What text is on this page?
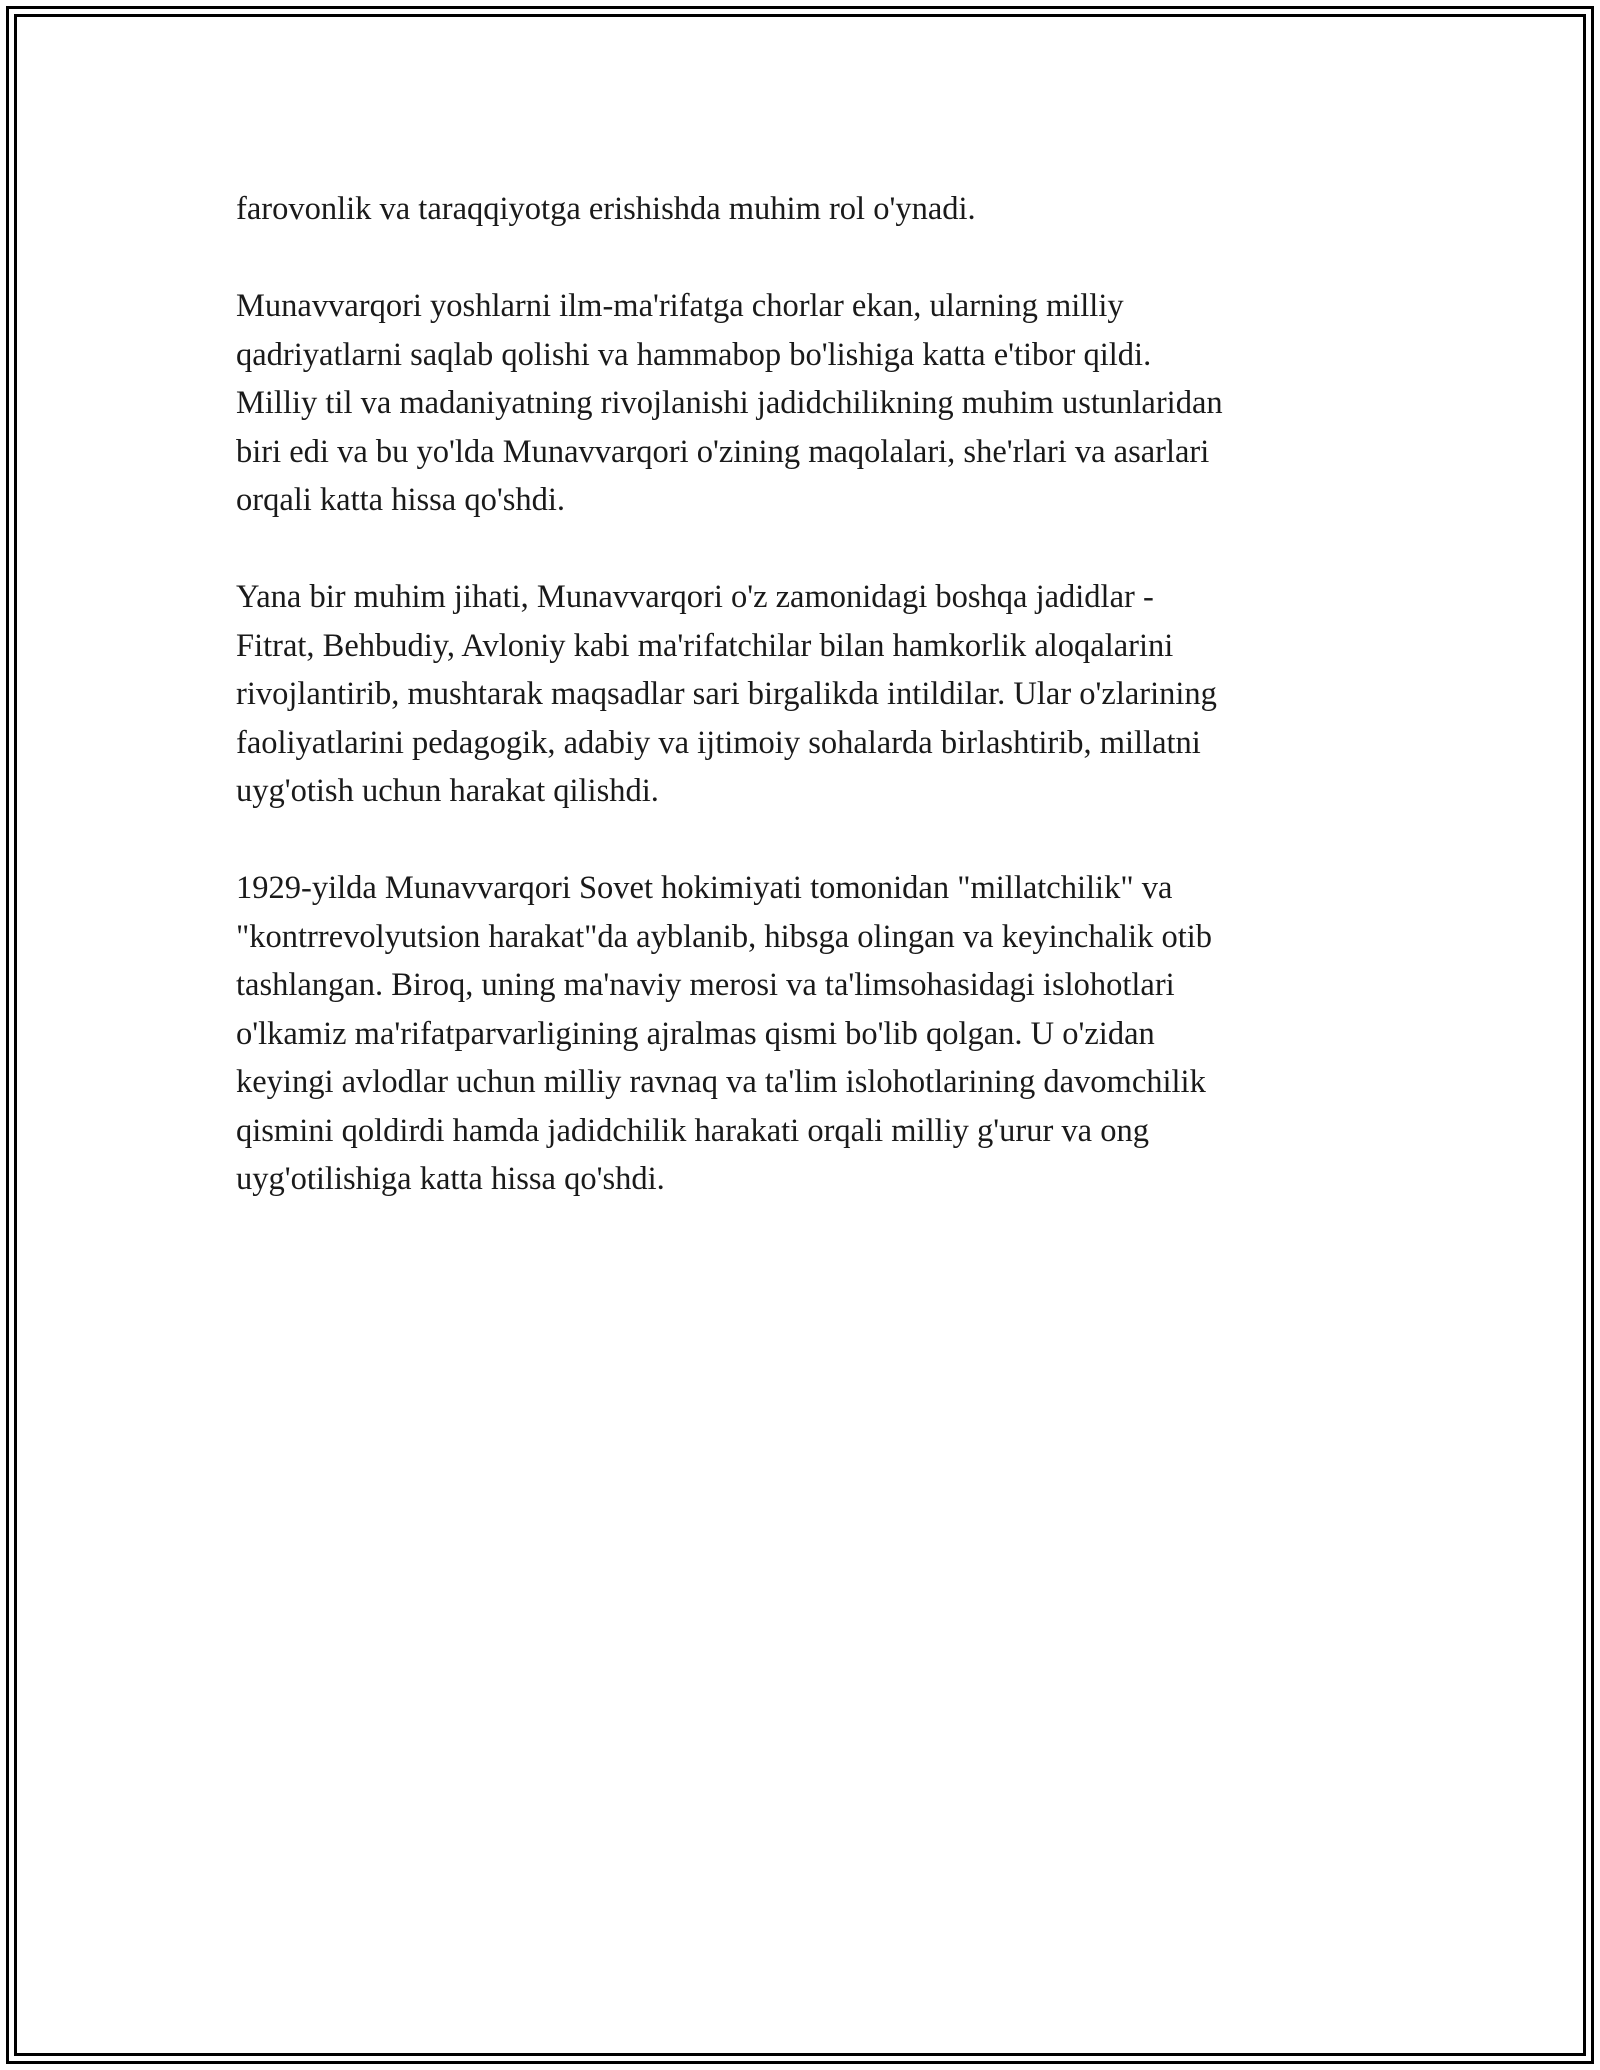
farovonlik va taraqqiyotga erishishda muhim rol o'ynadi.

Munavvarqori yoshlarni ilm-ma'rifatga chorlar ekan, ularning milliy
qadriyatlarni saqlab qolishi va hammabop bo'lishiga katta e'tibor qildi.
Milliy til va madaniyatning rivojlanishi jadidchilikning muhim ustunlaridan
biri edi va bu yo'lda Munavvarqori o'zining maqolalari, she'rlari va asarlari
orqali katta hissa qo'shdi.

Yana bir muhim jihati, Munavvarqori o'z zamonidagi boshqa jadidlar -
Fitrat, Behbudiy, Avloniy kabi ma'rifatchilar bilan hamkorlik aloqalarini
rivojlantirib, mushtarak maqsadlar sari birgalikda intildilar. Ular o'zlarining
faoliyatlarini pedagogik, adabiy va ijtimoiy sohalarda birlashtirib, millatni
uyg'otish uchun harakat qilishdi.

1929-yilda Munavvarqori Sovet hokimiyati tomonidan "millatchilik" va
"kontrrevolyutsion harakat"da ayblanib, hibsga olingan va keyinchalik otib
tashlangan. Biroq, uning ma'naviy merosi va ta'limsohasidagi islohotlari
o'lkamiz ma'rifatparvarligining ajralmas qismi bo'lib qolgan. U o'zidan
keyingi avlodlar uchun milliy ravnaq va ta'lim islohotlarining davomchilik
qismini qoldirdi hamda jadidchilik harakati orqali milliy g'urur va ong
uyg'otilishiga katta hissa qo'shdi.
